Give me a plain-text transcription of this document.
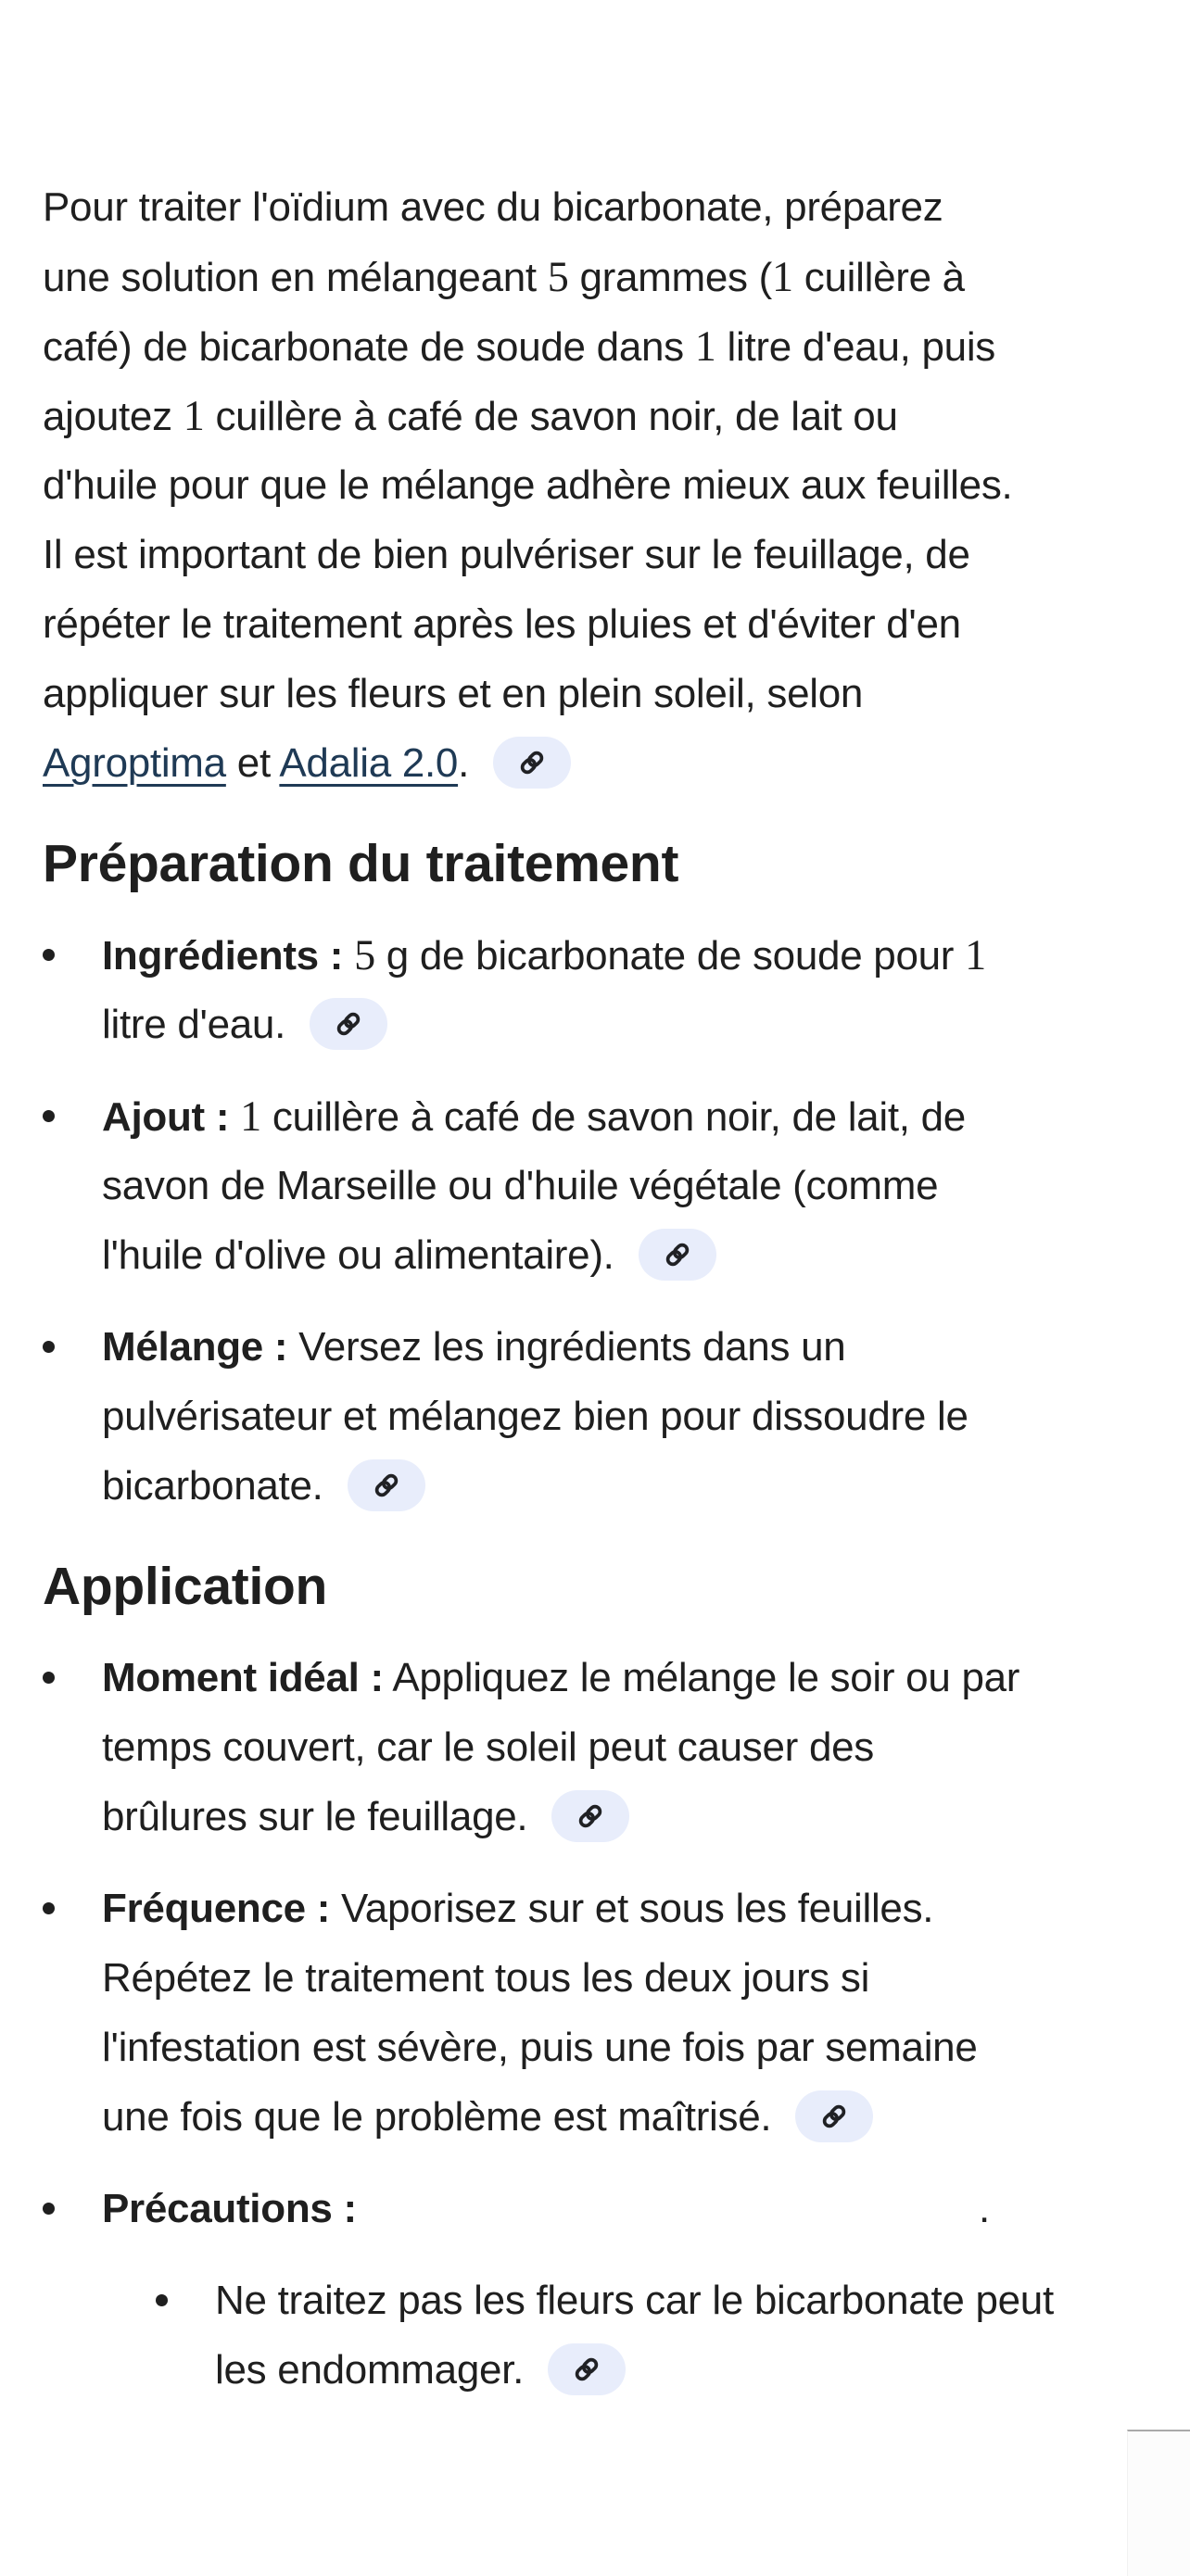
Pour traiter l'oïdium avec du bicarbonate, préparez
une solution en mélangeant 5 grammes (1 cuillère à
café) de bicarbonate de soude dans 1 litre d'eau, puis
ajoutez 1 cuillère à café de savon noir, de lait ou
d'huile pour que le mélange adhère mieux aux feuilles.
Il est important de bien pulvériser sur le feuillage, de
répéter le traitement après les pluies et d'éviter d'en
appliquer sur les fleurs et en plein soleil, selon
Agroptima et Adalia 2.0.
Préparation du traitement
Ingrédients : 5 g de bicarbonate de soude pour 1
litre d'eau.
Ajout : 1 cuillère à café de savon noir, de lait, de
savon de Marseille ou d'huile végétale (comme
l'huile d'olive ou alimentaire).
Mélange : Versez les ingrédients dans un
pulvérisateur et mélangez bien pour dissoudre le
bicarbonate.
Application
Moment idéal : Appliquez le mélange le soir ou par
temps couvert, car le soleil peut causer des
brûlures sur le feuillage.
Fréquence : Vaporisez sur et sous les feuilles.
Répétez le traitement tous les deux jours si
l'infestation est sévère, puis une fois par semaine
une fois que le problème est maîtrisé.
Précautions :	.
Ne traitez pas les fleurs car le bicarbonate peut
les endommager.
